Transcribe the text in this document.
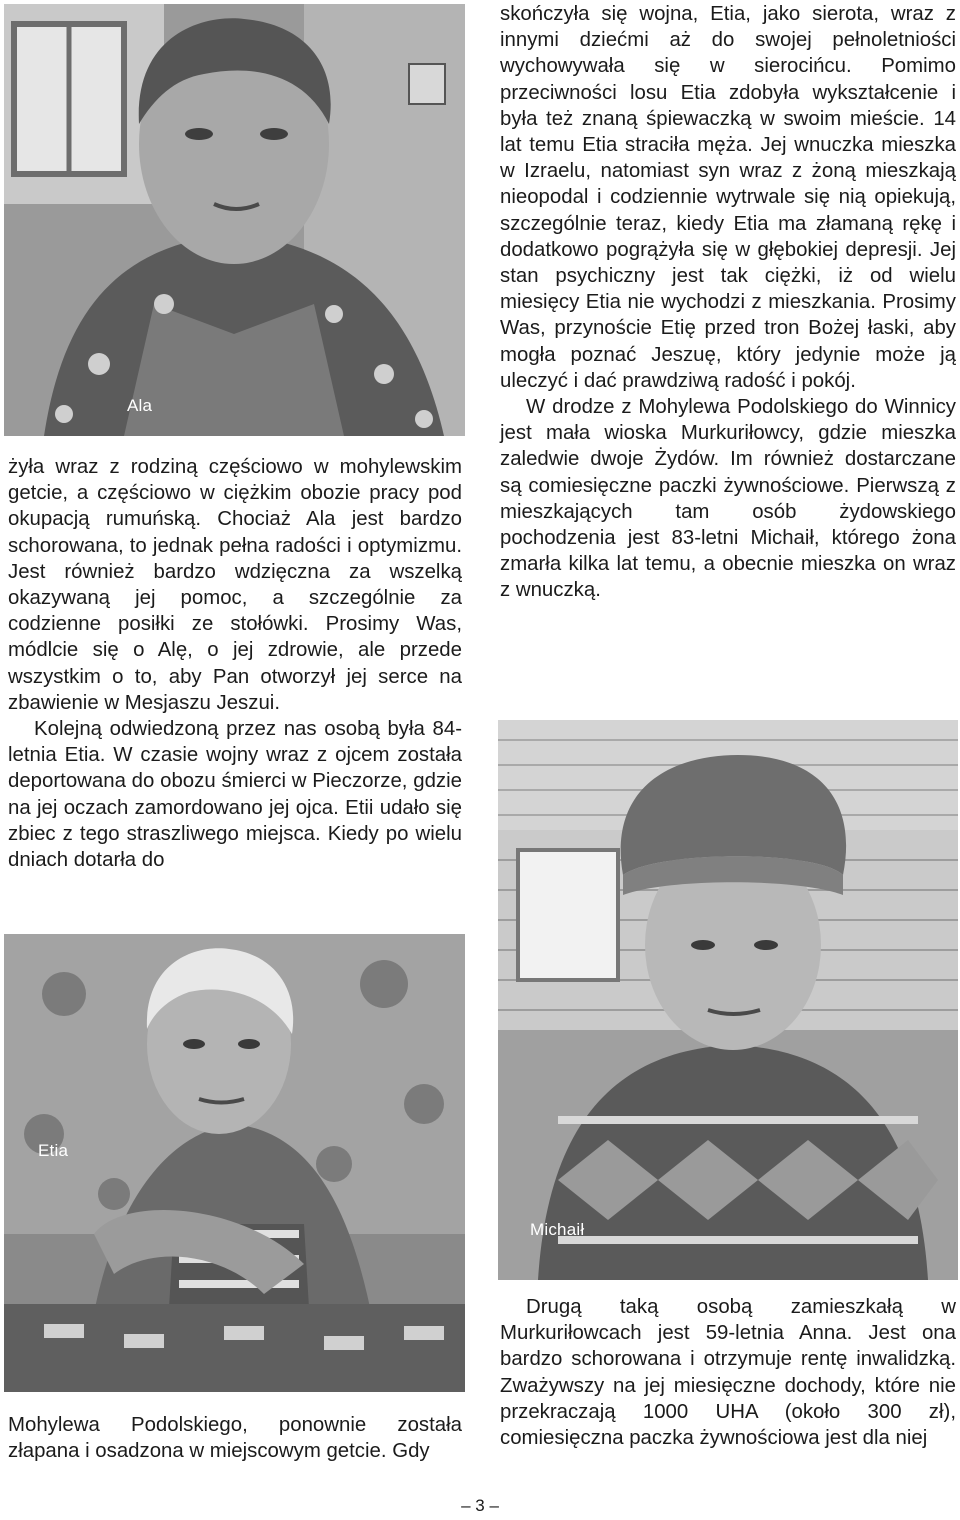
Ala

żyła wraz z rodziną częściowo w mohylewskim getcie, a częściowo w ciężkim obozie pracy pod okupacją rumuńską. Chociaż Ala jest bardzo schorowana, to jednak pełna radości i optymizmu. Jest również bardzo wdzięczna za wszelką okazywaną jej pomoc, a szczególnie za codzienne posiłki ze stołówki. Prosimy Was, módlcie się o Alę, o jej zdrowie, ale przede wszystkim o to, aby Pan otworzył jej serce na zbawienie w Mesjaszu Jeszui.

Kolejną odwiedzoną przez nas osobą była 84-letnia Etia. W czasie wojny wraz z ojcem została deportowana do obozu śmierci w Pieczorze, gdzie na jej oczach zamordowano jej ojca. Etii udało się zbiec z tego straszliwego miejsca. Kiedy po wielu dniach dotarła do

Etia

Mohylewa Podolskiego, ponownie została złapana i osadzona w miejscowym getcie. Gdy

skończyła się wojna, Etia, jako sierota, wraz z innymi dziećmi aż do swojej pełnoletniości wychowywała się w sierocińcu. Pomimo przeciwności losu Etia zdobyła wykształcenie i była też znaną śpiewaczką w swoim mieście. 14 lat temu Etia straciła męża. Jej wnuczka mieszka w Izraelu, natomiast syn wraz z żoną mieszkają nieopodal i codziennie wytrwale się nią opiekują, szczególnie teraz, kiedy Etia ma złamaną rękę i dodatkowo pogrążyła się w głębokiej depresji. Jej stan psychiczny jest tak ciężki, iż od wielu miesięcy Etia nie wychodzi z mieszkania. Prosimy Was, przynoście Etię przed tron Bożej łaski, aby mogła poznać Jeszuę, który jedynie może ją uleczyć i dać prawdziwą radość i pokój.

W drodze z Mohylewa Podolskiego do Winnicy jest mała wioska Murkuriłowcy, gdzie mieszka zaledwie dwoje Żydów. Im również dostarczane są comiesięczne paczki żywnościowe. Pierwszą z mieszkających tam osób żydowskiego pochodzenia jest 83-letni Michaił, którego żona zmarła kilka lat temu, a obecnie mieszka on wraz z wnuczką.

Michaił

Drugą taką osobą zamieszkałą w Murkuriłowcach jest 59-letnia Anna. Jest ona bardzo schorowana i otrzymuje rentę inwalidzką. Zważywszy na jej miesięczne dochody, które nie przekraczają 1000 UHA (około 300 zł), comiesięczna paczka żywnościowa jest dla niej

– 3 –
